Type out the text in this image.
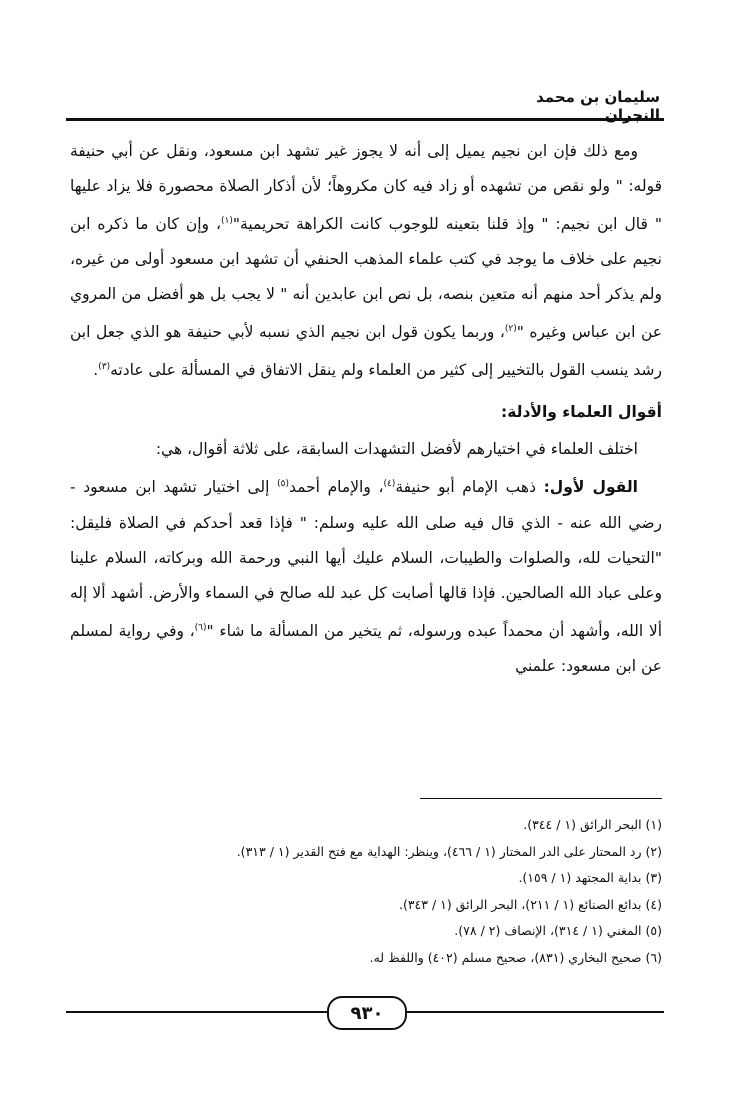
سليمان بن محمد النجران

ومع ذلك فإن ابن نجيم يميل إلى أنه لا يجوز غير تشهد ابن مسعود، ونقل عن أبي حنيفة قوله: " ولو نقص من تشهده أو زاد فيه كان مكروهاً؛ لأن أذكار الصلاة محصورة فلا يزاد عليها " قال ابن نجيم: " وإذ قلنا بتعينه للوجوب كانت الكراهة تحريمية"$^{(١)}$، وإن كان ما ذكره ابن نجيم على خلاف ما يوجد في كتب علماء المذهب الحنفي أن تشهد ابن مسعود أولى من غيره، ولم يذكر أحد منهم أنه متعين بنصه، بل نص ابن عابدين أنه " لا يجب بل هو أفضل من المروي عن ابن عباس وغيره "$^{(٢)}$، وربما يكون قول ابن نجيم الذي نسبه لأبي حنيفة هو الذي جعل ابن رشد ينسب القول بالتخيير إلى كثير من العلماء ولم ينقل الاتفاق في المسألة على عادته$^{(٣)}$.

أقوال العلماء والأدلة:

اختلف العلماء في اختيارهم لأفضل التشهدات السابقة، على ثلاثة أقوال، هي:

القول لأول: ذهب الإمام أبو حنيفة$^{(٤)}$، والإمام أحمد$^{(٥)}$ إلى اختيار تشهد ابن مسعود - رضي الله عنه - الذي قال فيه صلى الله عليه وسلم: " فإذا قعد أحدكم في الصلاة فليقل: "التحيات لله، والصلوات والطيبات، السلام عليك أيها النبي ورحمة الله وبركاته، السلام علينا وعلى عباد الله الصالحين. فإذا قالها أصابت كل عبد لله صالح في السماء والأرض. أشهد ألا إله ألا الله، وأشهد أن محمداً عبده ورسوله، ثم يتخير من المسألة ما شاء "$^{(٦)}$، وفي رواية لمسلم عن ابن مسعود: علمني

(١) البحر الرائق (١ / ٣٤٤).
(٢) رد المحتار على الدر المختار (١ / ٤٦٦)، وينظر: الهداية مع فتح القدير (١ / ٣١٣).
(٣) بداية المجتهد (١ / ١٥٩).
(٤) بدائع الصنائع (١ / ٢١١)، البحر الرائق (١ / ٣٤٣).
(٥) المغني (١ / ٣١٤)، الإنصاف (٢ / ٧٨).
(٦) صحيح البخاري (٨٣١)، صحيح مسلم (٤٠٢) واللفظ له.
٩٣٠
